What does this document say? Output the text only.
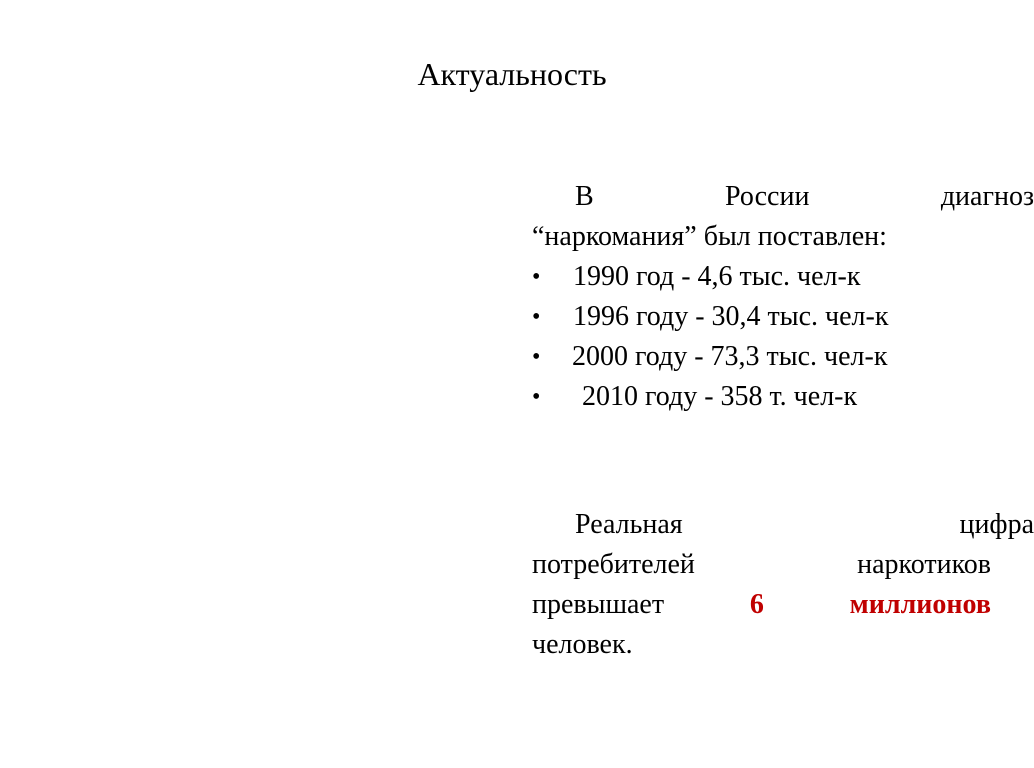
Актуальность
В	России	диагноз
“наркомания” был поставлен:
• 1990 год - 4,6 тыс. чел-к
• 1996 году - 30,4 тыс. чел-к
• 2000 году - 73,3 тыс. чел-к
• 2010 году - 358 т. чел-к
Реальная	цифра
потребителей	наркотиков
превышает	6	миллионов
человек.
